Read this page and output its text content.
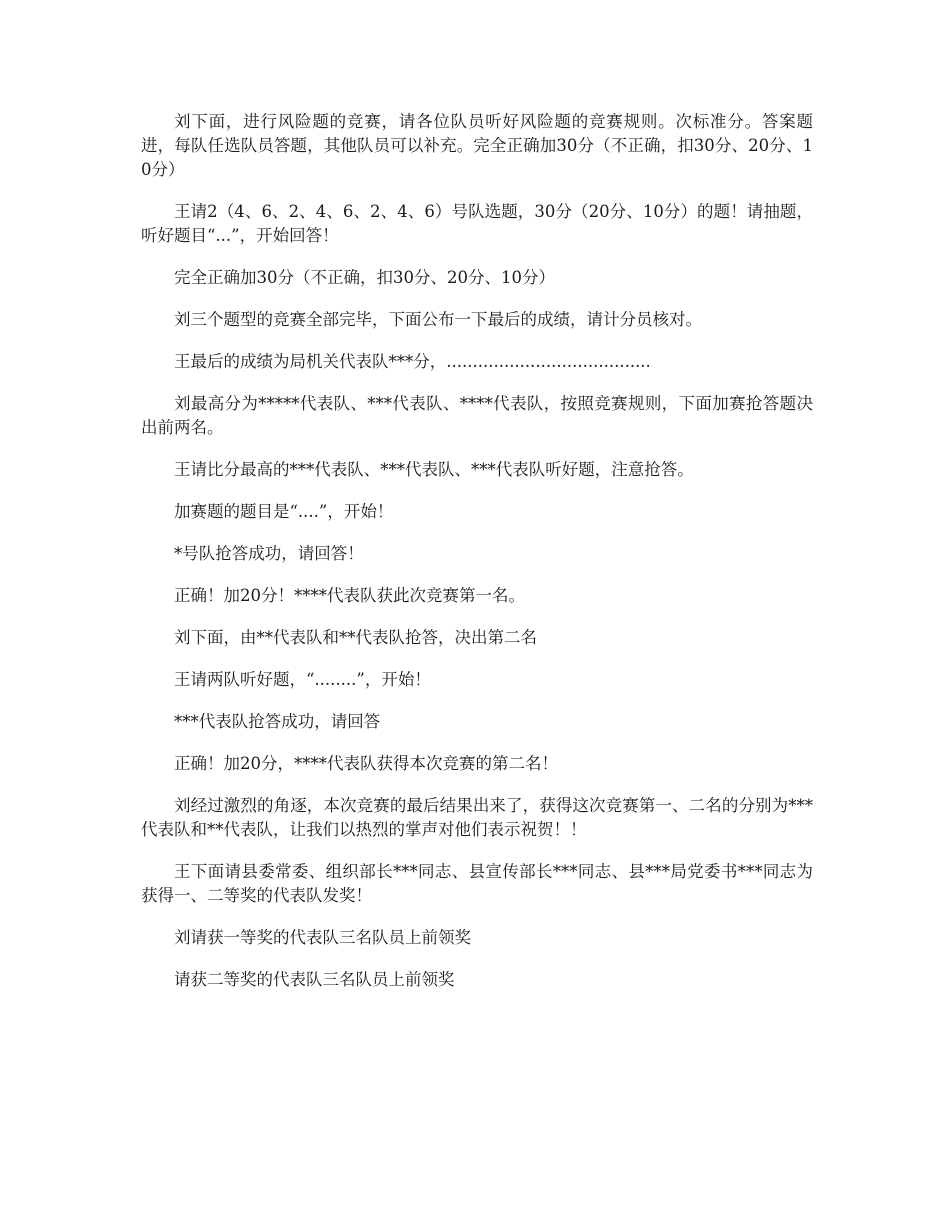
刘下面，进行风险题的竞赛，请各位队员听好风险题的竞赛规则。次标准分。答案题进，每队任选队员答题，其他队员可以补充。完全正确加30分（不正确，扣30分、20分、10分）

王请2（4、6、2、4、6、2、4、6）号队选题，30分（20分、10分）的题！请抽题，听好题目“...”，开始回答！

完全正确加30分（不正确，扣30分、20分、10分）

刘三个题型的竞赛全部完毕，下面公布一下最后的成绩，请计分员核对。

王最后的成绩为局机关代表队***分，.......................................

刘最高分为*****代表队、***代表队、****代表队，按照竞赛规则，下面加赛抢答题决出前两名。

王请比分最高的***代表队、***代表队、***代表队听好题，注意抢答。

加赛题的题目是“....”，开始！

*号队抢答成功，请回答！

正确！加20分！****代表队获此次竞赛第一名。

刘下面，由**代表队和**代表队抢答，决出第二名

王请两队听好题，“........”，开始！

***代表队抢答成功，请回答

正确！加20分，****代表队获得本次竞赛的第二名！

刘经过激烈的角逐，本次竞赛的最后结果出来了，获得这次竞赛第一、二名的分别为***代表队和**代表队，让我们以热烈的掌声对他们表示祝贺！！

王下面请县委常委、组织部长***同志、县宣传部长***同志、县***局党委书***同志为获得一、二等奖的代表队发奖！

刘请获一等奖的代表队三名队员上前领奖

请获二等奖的代表队三名队员上前领奖
